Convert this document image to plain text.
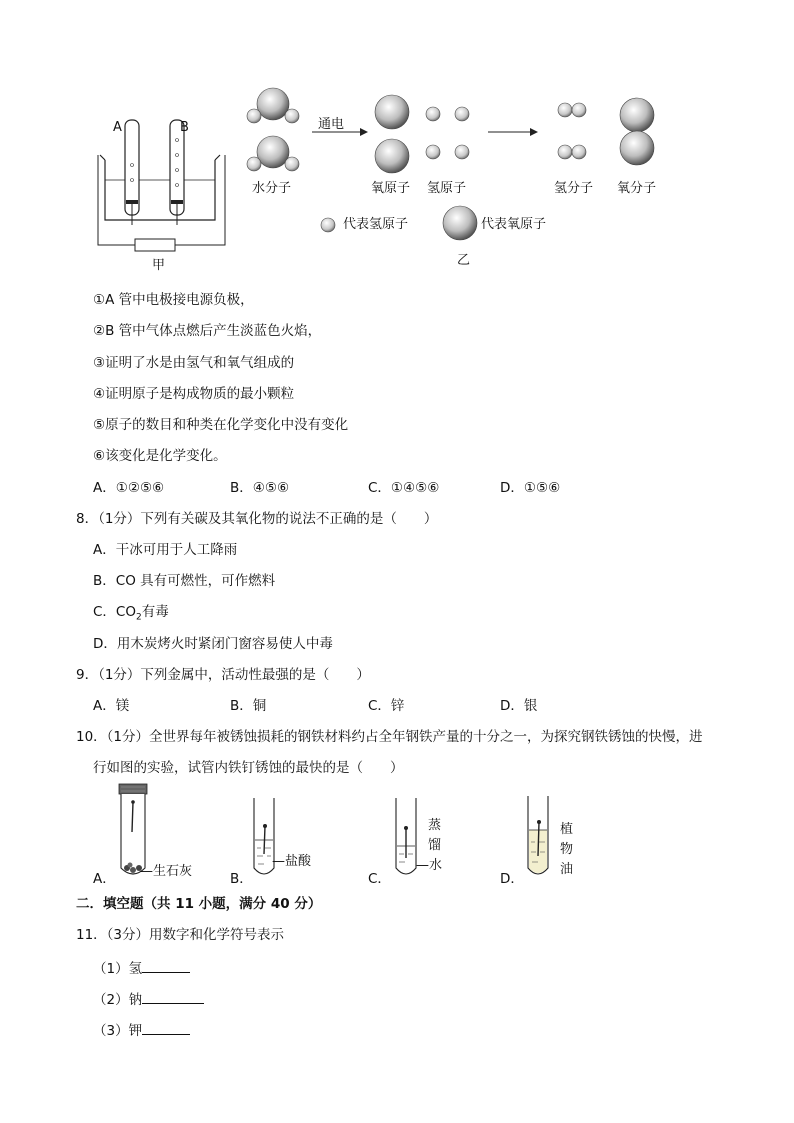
A	B
甲
通电
水分子	氧原子 氢原子	氢分子 氧分子
代表氢原子	代表氧原子
乙
①A 管中电极接电源负极，
②B 管中气体点燃后产生淡蓝色火焰，
③证明了水是由氢气和氧气组成的
④证明原子是构成物质的最小颗粒
⑤原子的数目和种类在化学变化中没有变化
⑥该变化是化学变化。
A．①②⑤⑥	B．④⑤⑥	C．①④⑤⑥	D．①⑤⑥
8．（1分）下列有关碳及其氧化物的说法不正确的是（　　）
A．干冰可用于人工降雨
B．CO 具有可燃性，可作燃料
C．$CO_2$有毒
D．用木炭烤火时紧闭门窗容易使人中毒
9．（1分）下列金属中，活动性最强的是（　　）
A．镁	B．铜	C．锌	D．银
10．（1分）全世界每年被锈蚀损耗的钢铁材料约占全年钢铁产量的十分之一，为探究钢铁锈蚀的快慢，进
行如图的实验，试管内铁钉锈蚀的最快的是（　　）
—生石灰
A．
—盐酸
B．
蒸
馏
—水
C．
植
物
油
D．
二．填空题（共 11 小题，满分 40 分）
11．（3分）用数字和化学符号表示
（1）氢
（2）钠
（3）钾
